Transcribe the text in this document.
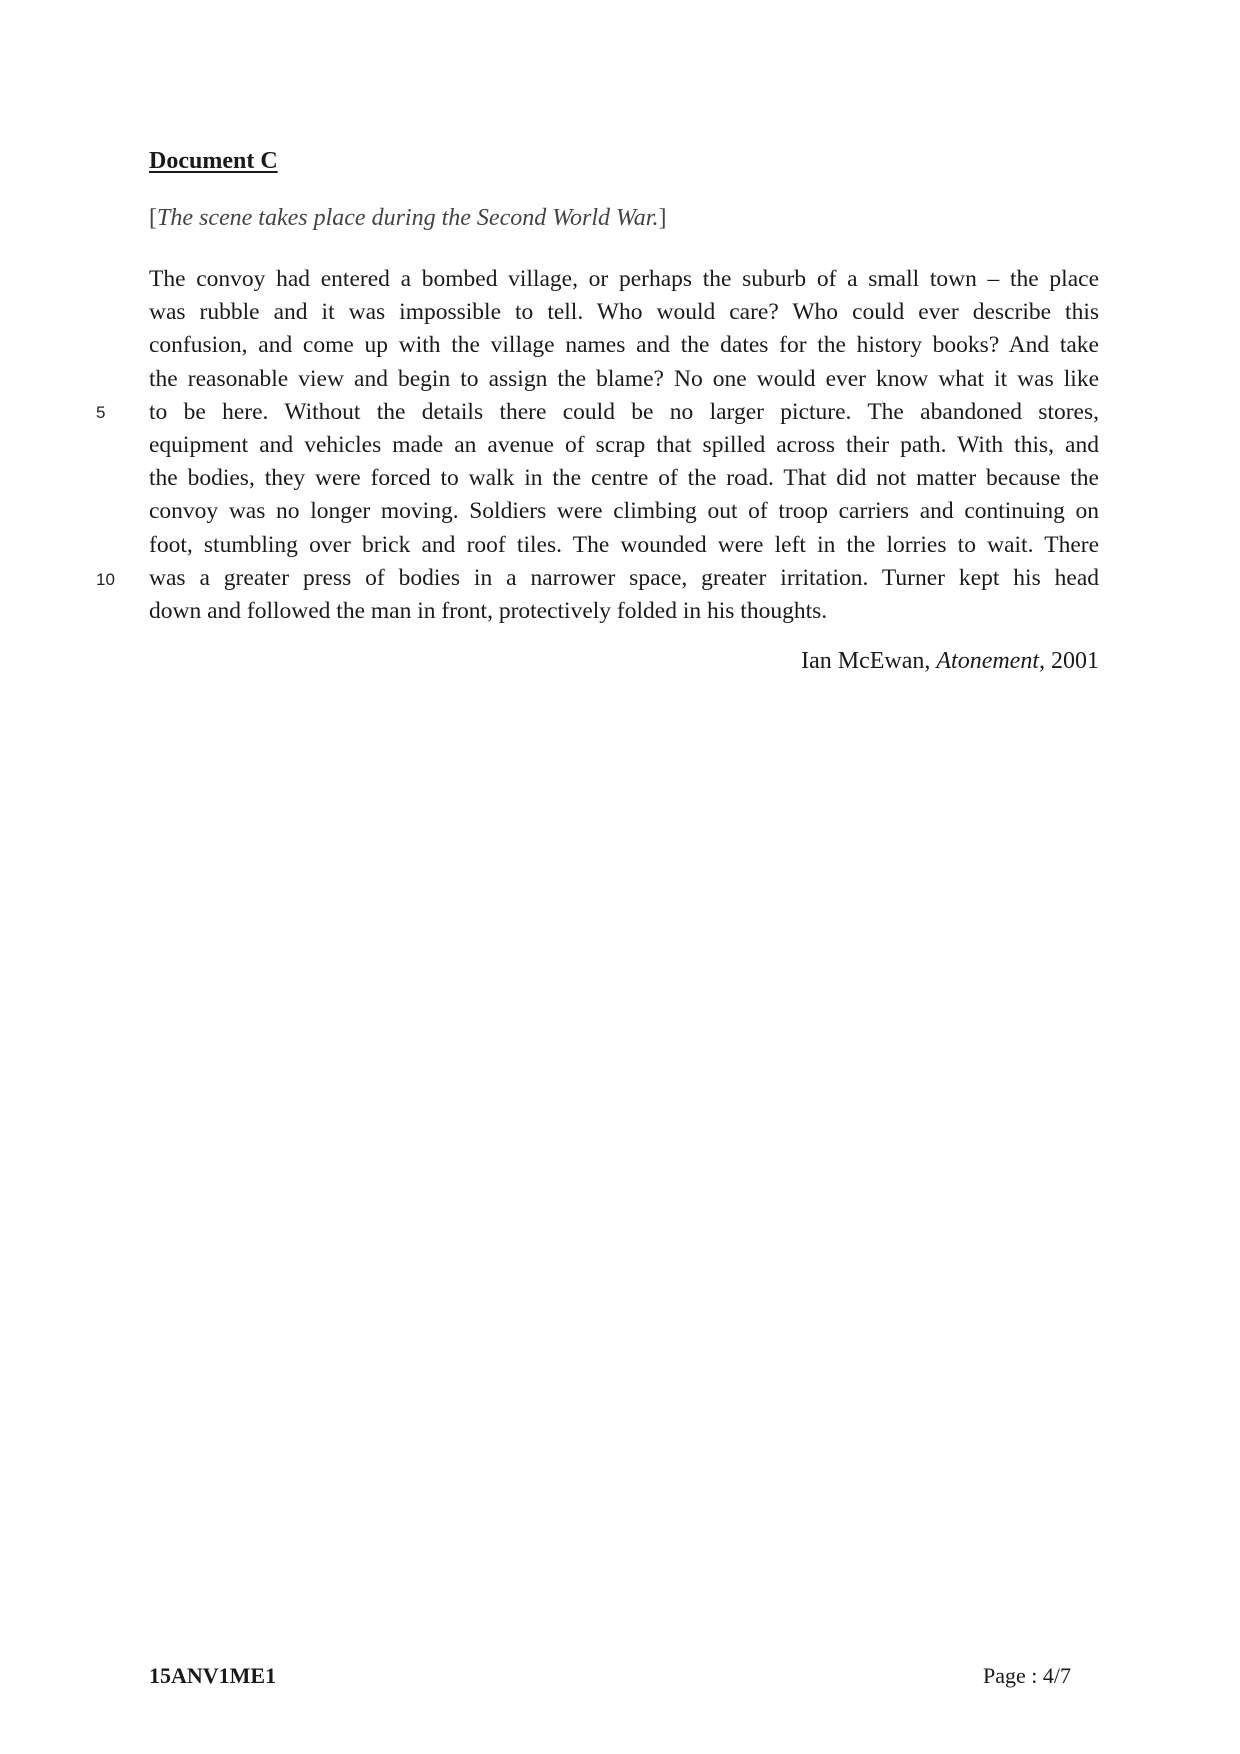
Document C
[The scene takes place during the Second World War.]
The convoy had entered a bombed village, or perhaps the suburb of a small town – the place
was rubble and it was impossible to tell. Who would care? Who could ever describe this
confusion, and come up with the village names and the dates for the history books? And take
the reasonable view and begin to assign the blame? No one would ever know what it was like
to be here. Without the details there could be no larger picture. The abandoned stores,
equipment and vehicles made an avenue of scrap that spilled across their path. With this, and
the bodies, they were forced to walk in the centre of the road. That did not matter because the
convoy was no longer moving. Soldiers were climbing out of troop carriers and continuing on
foot, stumbling over brick and roof tiles. The wounded were left in the lorries to wait. There
was a greater press of bodies in a narrower space, greater irritation. Turner kept his head
down and followed the man in front, protectively folded in his thoughts.
5
10
Ian McEwan, Atonement, 2001
15ANV1ME1	Page : 4/7
